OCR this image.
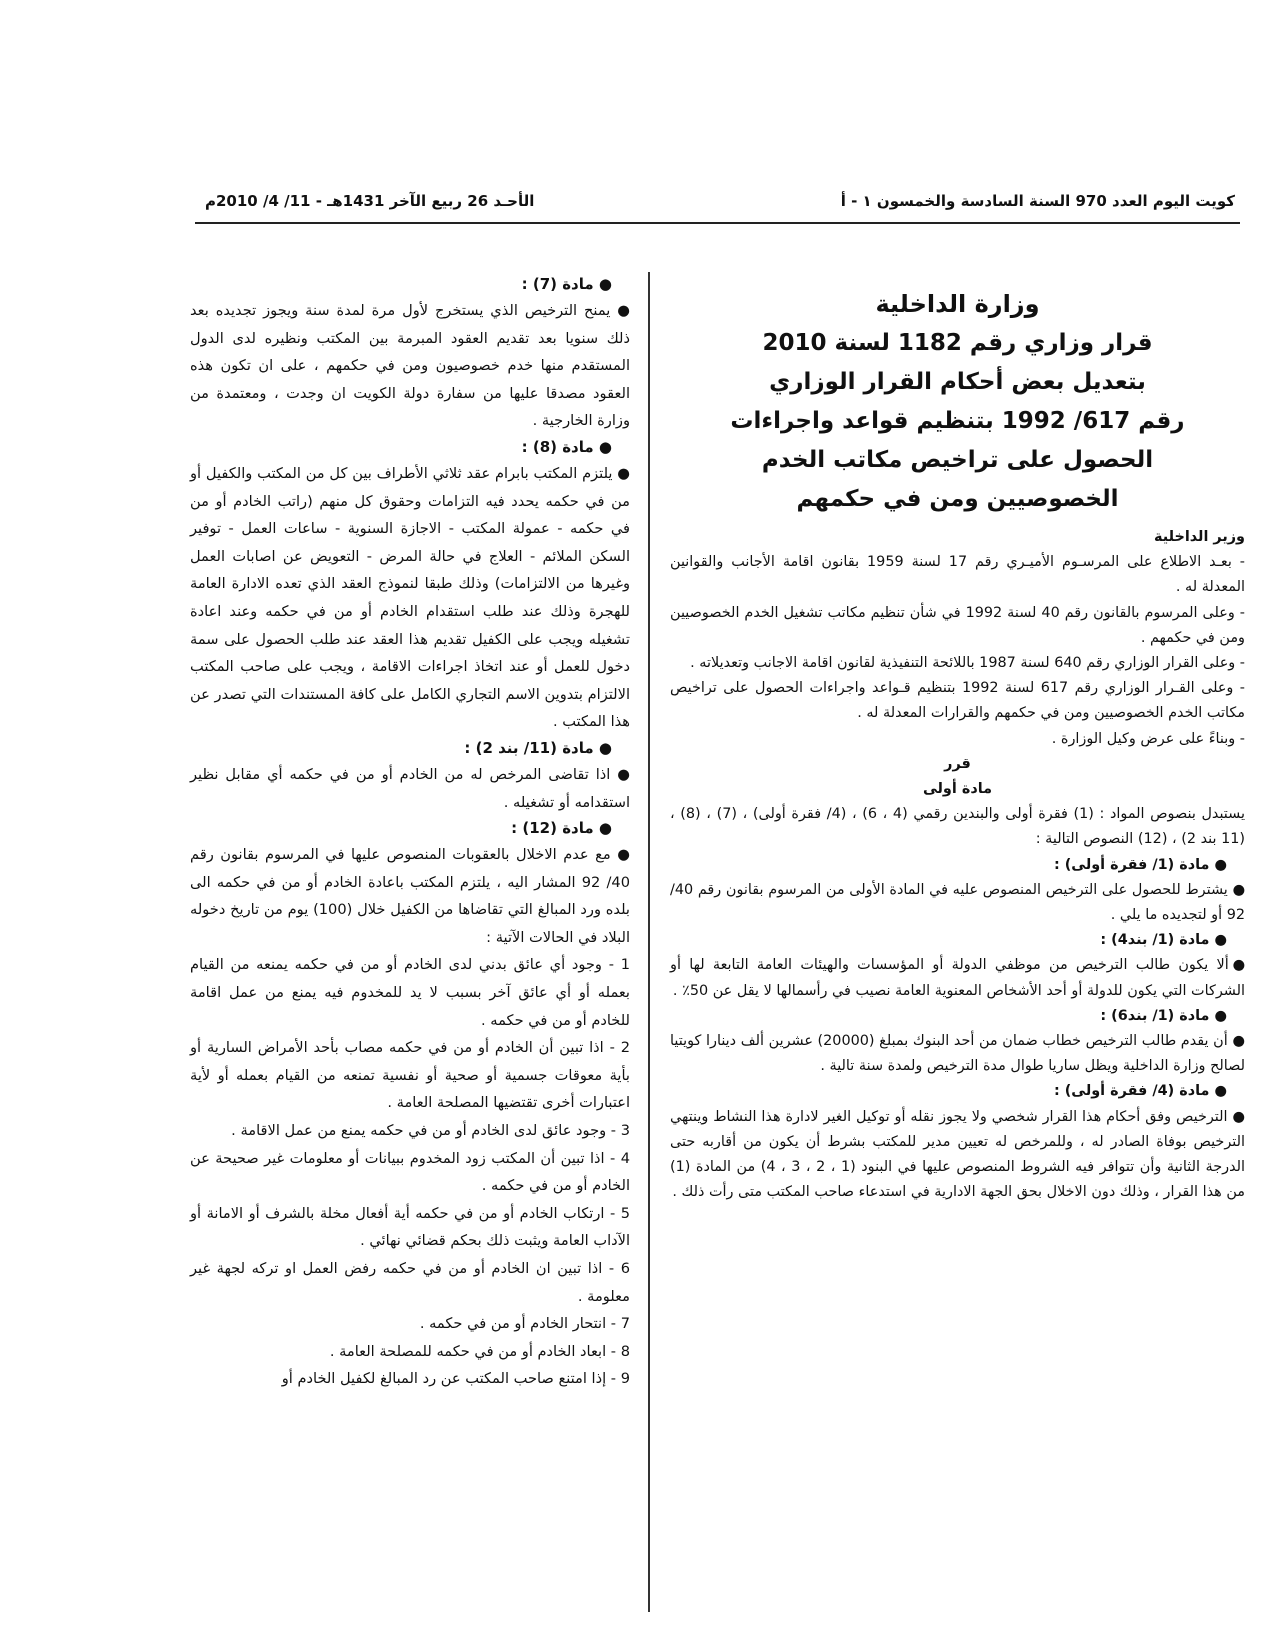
كويت اليوم العدد 970 السنة السادسة والخمسون ١ - أ
الأحـد 26 ربيع الآخر 1431هـ - 11/ 4/ 2010م
وزارة الداخلية
قرار وزاري رقم 1182 لسنة 2010
بتعديل بعض أحكام القرار الوزاري
رقم 617/ 1992 بتنظيم قواعد واجراءات
الحصول على تراخيص مكاتب الخدم
الخصوصيين ومن في حكمهم

وزير الداخلية

- بعـد الاطلاع على المرسـوم الأميـري رقم 17 لسنة 1959 بقانون اقامة الأجانب والقوانين المعدلة له .

- وعلى المرسوم بالقانون رقم 40 لسنة 1992 في شأن تنظيم مكاتب تشغيل الخدم الخصوصيين ومن في حكمهم .

- وعلى القرار الوزاري رقم 640 لسنة 1987 باللائحة التنفيذية لقانون اقامة الاجانب وتعديلاته .

- وعلى القـرار الوزاري رقم 617 لسنة 1992 بتنظيم قـواعد واجراءات الحصول على تراخيص مكاتب الخدم الخصوصيين ومن في حكمهم والقرارات المعدلة له .

- وبناءً على عرض وكيل الوزارة .

قرر

مادة أولى

يستبدل بنصوص المواد : (1) فقرة أولى والبندين رقمي (4 ، 6) ، (4/ فقرة أولى) ، (7) ، (8) ، (11 بند 2) ، (12) النصوص التالية :

● مادة (1/ فقرة أولى) :

● يشترط للحصول على الترخيص المنصوص عليه في المادة الأولى من المرسوم بقانون رقم 40/ 92 أو لتجديده ما يلي .

● مادة (1/ بند4) :

●ألا يكون طالب الترخيص من موظفي الدولة أو المؤسسات والهيئات العامة التابعة لها أو الشركات التي يكون للدولة أو أحد الأشخاص المعنوية العامة نصيب في رأسمالها لا يقل عن 50٪ .

● مادة (1/ بند6) :

● أن يقدم طالب الترخيص خطاب ضمان من أحد البنوك بمبلغ (20000) عشرين ألف دينارا كويتيا لصالح وزارة الداخلية ويظل ساريا طوال مدة الترخيص ولمدة سنة تالية .

● مادة (4/ فقرة أولى) :

● الترخيص وفق أحكام هذا القرار شخصي ولا يجوز نقله أو توكيل الغير لادارة هذا النشاط وينتهي الترخيص بوفاة الصادر له ، وللمرخص له تعيين مدير للمكتب بشرط أن يكون من أقاربه حتى الدرجة الثانية وأن تتوافر فيه الشروط المنصوص عليها في البنود (1 ، 2 ، 3 ، 4) من المادة (1) من هذا القرار ، وذلك دون الاخلال بحق الجهة الادارية في استدعاء صاحب المكتب متى رأت ذلك .

● مادة (7) :

● يمنح الترخيص الذي يستخرج لأول مرة لمدة سنة ويجوز تجديده بعد ذلك سنويا بعد تقديم العقود المبرمة بين المكتب ونظيره لدى الدول المستقدم منها خدم خصوصيون ومن في حكمهم ، على ان تكون هذه العقود مصدقا عليها من سفارة دولة الكويت ان وجدت ، ومعتمدة من وزارة الخارجية .

● مادة (8) :

● يلتزم المكتب بابرام عقد ثلاثي الأطراف بين كل من المكتب والكفيل أو من في حكمه يحدد فيه التزامات وحقوق كل منهم (راتب الخادم أو من في حكمه - عمولة المكتب - الاجازة السنوية - ساعات العمل - توفير السكن الملائم - العلاج في حالة المرض - التعويض عن اصابات العمل وغيرها من الالتزامات) وذلك طبقا لنموذج العقد الذي تعده الادارة العامة للهجرة وذلك عند طلب استقدام الخادم أو من في حكمه وعند اعادة تشغيله ويجب على الكفيل تقديم هذا العقد عند طلب الحصول على سمة دخول للعمل أو عند اتخاذ اجراءات الاقامة ، ويجب على صاحب المكتب الالتزام بتدوين الاسم التجاري الكامل على كافة المستندات التي تصدر عن هذا المكتب .

● مادة (11/ بند 2) :

● اذا تقاضى المرخص له من الخادم أو من في حكمه أي مقابل نظير استقدامه أو تشغيله .

● مادة (12) :

● مع عدم الاخلال بالعقوبات المنصوص عليها في المرسوم بقانون رقم 40/ 92 المشار اليه ، يلتزم المكتب باعادة الخادم أو من في حكمه الى بلده ورد المبالغ التي تقاضاها من الكفيل خلال (100) يوم من تاريخ دخوله البلاد في الحالات الآتية :

1 - وجود أي عائق بدني لدى الخادم أو من في حكمه يمنعه من القيام بعمله أو أي عائق آخر بسبب لا يد للمخدوم فيه يمنع من عمل اقامة للخادم أو من في حكمه .

2 - اذا تبين أن الخادم أو من في حكمه مصاب بأحد الأمراض السارية أو بأية معوقات جسمية أو صحية أو نفسية تمنعه من القيام بعمله أو لأية اعتبارات أخرى تقتضيها المصلحة العامة .

3 - وجود عائق لدى الخادم أو من في حكمه يمنع من عمل الاقامة .

4 - اذا تبين أن المكتب زود المخدوم ببيانات أو معلومات غير صحيحة عن الخادم أو من في حكمه .

5 - ارتكاب الخادم أو من في حكمه أية أفعال مخلة بالشرف أو الامانة أو الآداب العامة ويثبت ذلك بحكم قضائي نهائي .

6 - اذا تبين ان الخادم أو من في حكمه رفض العمل او تركه لجهة غير معلومة .

7 - انتحار الخادم أو من في حكمه .

8 - ابعاد الخادم أو من في حكمه للمصلحة العامة .

9 - إذا امتنع صاحب المكتب عن رد المبالغ لكفيل الخادم أو
